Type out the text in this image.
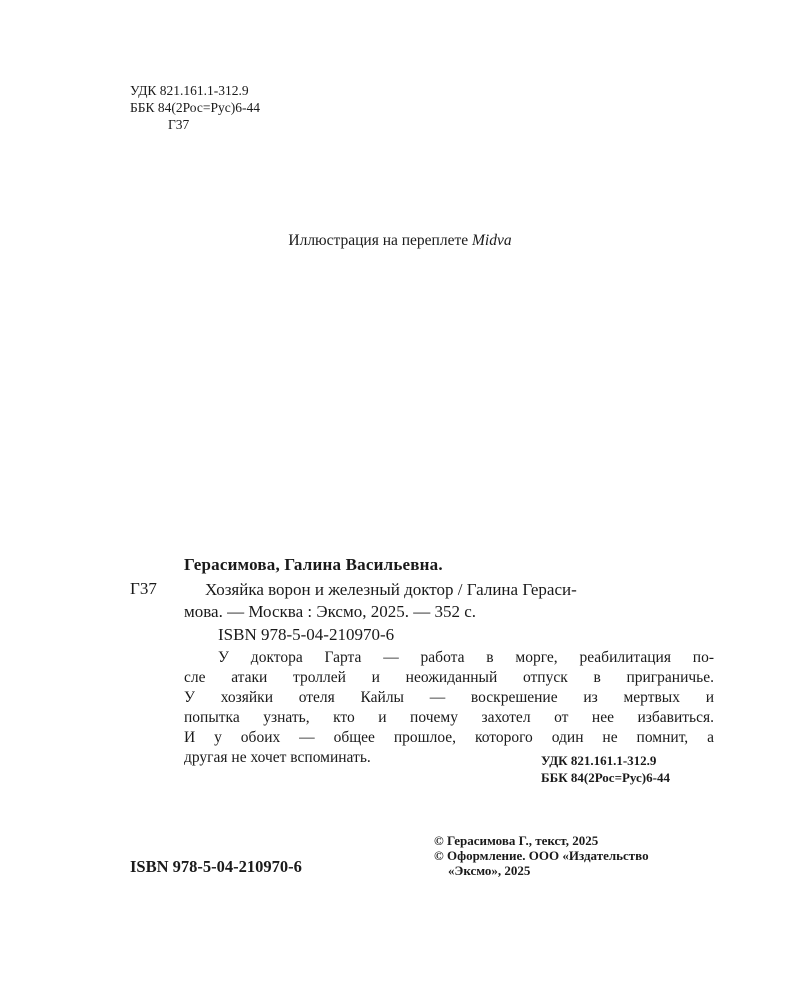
УДК 821.161.1-312.9
ББК 84(2Рос=Рус)6-44
Г37
Иллюстрация на переплете Midva
Герасимова, Галина Васильевна.
Г37	Хозяйка ворон и железный доктор / Галина Гераси-
мова. — Москва : Эксмо, 2025. — 352 с.
ISBN 978-5-04-210970-6
У доктора Гарта — работа в морге, реабилитация по-
сле атаки троллей и неожиданный отпуск в приграничье.
У хозяйки отеля Кайлы — воскрешение из мертвых и
попытка узнать, кто и почему захотел от нее избавиться.
И у обоих — общее прошлое, которого один не помнит, а
другая не хочет вспоминать.	УДК 821.161.1-312.9
ББК 84(2Рос=Рус)6-44
ISBN 978-5-04-210970-6
© Герасимова Г., текст, 2025
© Оформление. ООО «Издательство
«Эксмо», 2025
